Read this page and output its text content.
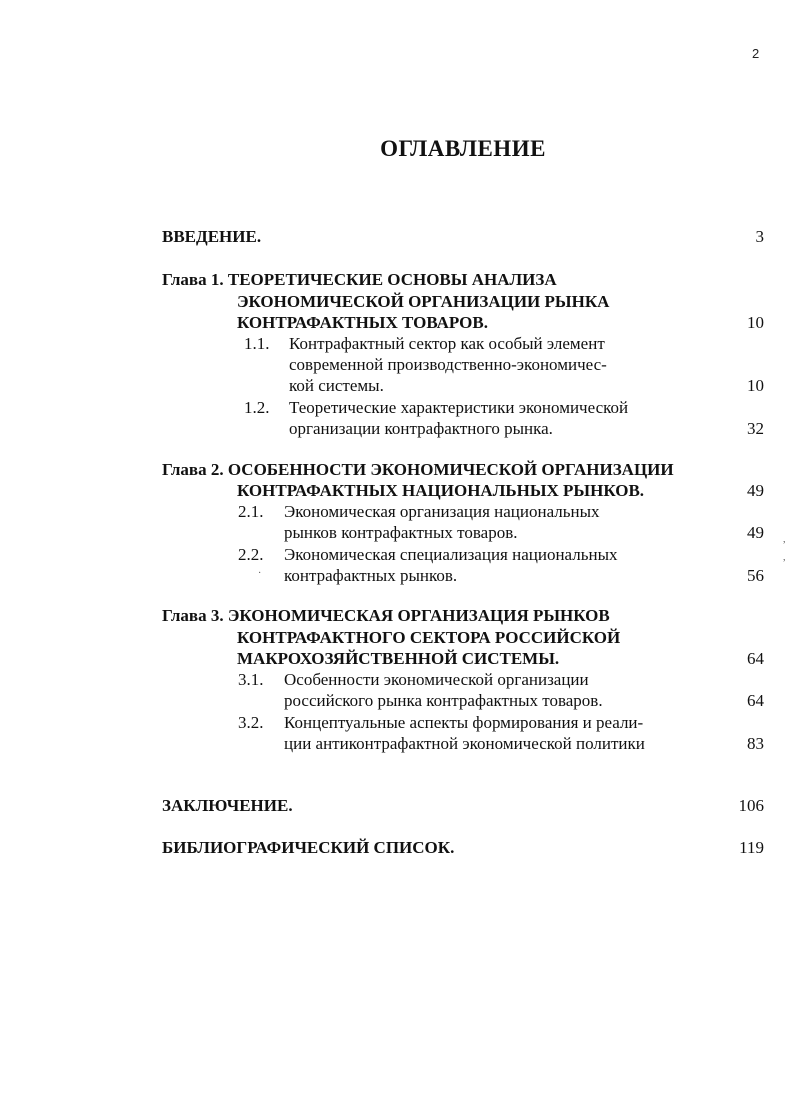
2
ОГЛАВЛЕНИЕ
ВВЕДЕНИЕ.	3
Глава 1. ТЕОРЕТИЧЕСКИЕ ОСНОВЫ АНАЛИЗА
ЭКОНОМИЧЕСКОЙ ОРГАНИЗАЦИИ РЫНКА
КОНТРАФАКТНЫХ ТОВАРОВ.	10
1.1. Контрафактный сектор как особый элемент
современной производственно-экономичес-
кой системы.	10
1.2. Теоретические характеристики экономической
организации контрафактного рынка.	32
Глава 2. ОСОБЕННОСТИ ЭКОНОМИЧЕСКОЙ ОРГАНИЗАЦИИ
КОНТРАФАКТНЫХ НАЦИОНАЛЬНЫХ РЫНКОВ.	49
2.1. Экономическая организация национальных
рынков контрафактных товаров.	49
2.2. Экономическая специализация национальных
контрафактных рынков.	56
Глава 3. ЭКОНОМИЧЕСКАЯ ОРГАНИЗАЦИЯ РЫНКОВ
КОНТРАФАКТНОГО СЕКТОРА РОССИЙСКОЙ
МАКРОХОЗЯЙСТВЕННОЙ СИСТЕМЫ.	64
3.1. Особенности экономической организации
российского рынка контрафактных товаров.	64
3.2. Концептуальные аспекты формирования и реали-
ции антиконтрафактной экономической политики	83
ЗАКЛЮЧЕНИЕ.	106
БИБЛИОГРАФИЧЕСКИЙ СПИСОК.	119
,
,
·
